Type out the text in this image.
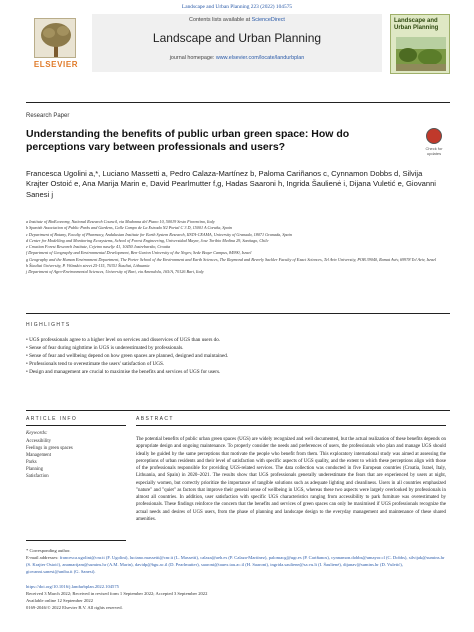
Landscape and Urban Planning 223 (2022) 104575
ELSEVIER
Contents lists available at ScienceDirect
Landscape and Urban Planning
journal homepage: www.elsevier.com/locate/landurbplan
Landscape and Urban Planning
Research Paper
Understanding the benefits of public urban green space: How do perceptions vary between professionals and users?	Check for updates
Francesca Ugolini a,*, Luciano Massetti a, Pedro Calaza-Martínez b, Paloma Cariñanos c, Cynnamon Dobbs d, Silvija Krajter Ostoić e, Ana Marija Marin e, David Pearlmutter f,g, Hadas Saaroni h, Ingrida Šaulienė i, Dijana Vuletić e, Giovanni Sanesi j
a Institute of BioEconomy, National Research Council, via Madonna del Piano 10, 50019 Sesto Fiorentino, Italy
b Spanish Association of Public Parks and Gardens, Calle Campo de La Estrada N2 Portal C 3 D, 15001 A Coruña, Spain
c Department of Botany, Faculty of Pharmacy, Andalusian Institute for Earth System Research, IISTA-CEAMA, University of Granada, 18071 Granada, Spain
d Center for Modelling and Monitoring Ecosystems, School of Forest Engineering, Universidad Mayor, Jose Toribio Medina 29, Santiago, Chile
e Croatian Forest Research Institute, Cvjetno naselje 41, 10450 Jastrebarsko, Croatia
f Department of Geography and Environmental Development, Ben-Gurion University of the Negev, Sede Boqer Campus, 84990, Israel
g Geography and the Human Environment Department, The Porter School of the Environment and Earth Sciences, The Raymond and Beverly Sackler Faculty of Exact Sciences, Tel Aviv University, POB 39040, Ramat Aviv, 69978 Tel Aviv, Israel
h Šiauliai University, P. Višinskio street 25-115, 76351 Šiauliai, Lithuania
j Department of Agro-Environmental Sciences, University of Bari, via Amendola, 165/A, 70126 Bari, Italy
HIGHLIGHTS
• UGS professionals agree to a higher level on services and disservices of UGS than users do.
• Sense of fear during nighttime in UGS is underestimated by professionals.
• Sense of fear and wellbeing depend on how green spaces are planned, designed and maintained.
• Professionals tend to overestimate the users' satisfaction of UGS.
• Design and management are crucial to maximise the benefits and services of UGS for users.
ARTICLE INFO	ABSTRACT
Keywords:
Accessibility
Feelings in green spaces
Management
Parks
Planning
Satisfaction
The potential benefits of public urban green spaces (UGS) are widely recognized and well documented, but the actual realization of these benefits depends on appropriate design and ongoing maintenance. To properly consider the needs and preferences of users, the professionals who plan and manage UGS should ideally be guided by the same perceptions that motivate the people who benefit from them. This exploratory international study was aimed at assessing the perceptions of urban residents and their level of satisfaction with specific aspects of UGS quality, and the extent to which these perceptions align with those of the professionals responsible for providing UGS-related services. The data collection was conducted in five European countries (Croatia, Israel, Italy, Lithuania, and Spain) in 2020–2021. The results show that UGS professionals generally underestimate the fears that are experienced by users at night, especially women, but correctly prioritize the importance of tangible solutions such as adequate lighting and cleanliness. Users in all countries emphasized "nature" and "quiet" as factors that improve their general sense of wellbeing in UGS, whereas these two aspects were largely overlooked by professionals in almost all countries. In addition, user satisfaction with specific UGS characteristics ranging from accessibility to park furniture was overestimated by professionals. These findings reinforce the concern that the benefits and services of green spaces can only be maximised if UGS professionals recognize the actual needs and desires of UGS users, from the phase of planning and landscape design to the everyday management and maintenance of these shared amenities.
* Corresponding author.
E-mail addresses: francesca.ugolini@cnr.it (F. Ugolini), luciano.massetti@cnr.it (L. Massetti), calaza@aeh.es (P. Calaza-Martínez), palomacg@ugr.es (P. Cariñanos), cynnamon.dobbs@umayor.cl (C. Dobbs), silvijak@sumins.hr (S. Krajter Ostoić), anamarijam@sumins.hr (A.M. Marin), davidp@bgu.ac.il (D. Pearlmutter), saaroni@tauex.tau.ac.il (H. Saaroni), ingrida.sauliene@sa.vu.lt (I. Šaulienė), dijanav@sumins.hr (D. Vuletić), giovanni.sanesi@uniba.it (G. Sanesi).
https://doi.org/10.1016/j.landurbplan.2022.104575
Received 3 March 2022; Received in revised form 1 September 2022; Accepted 3 September 2022
Available online 12 September 2022
0169-2046/© 2022 Elsevier B.V. All rights reserved.
